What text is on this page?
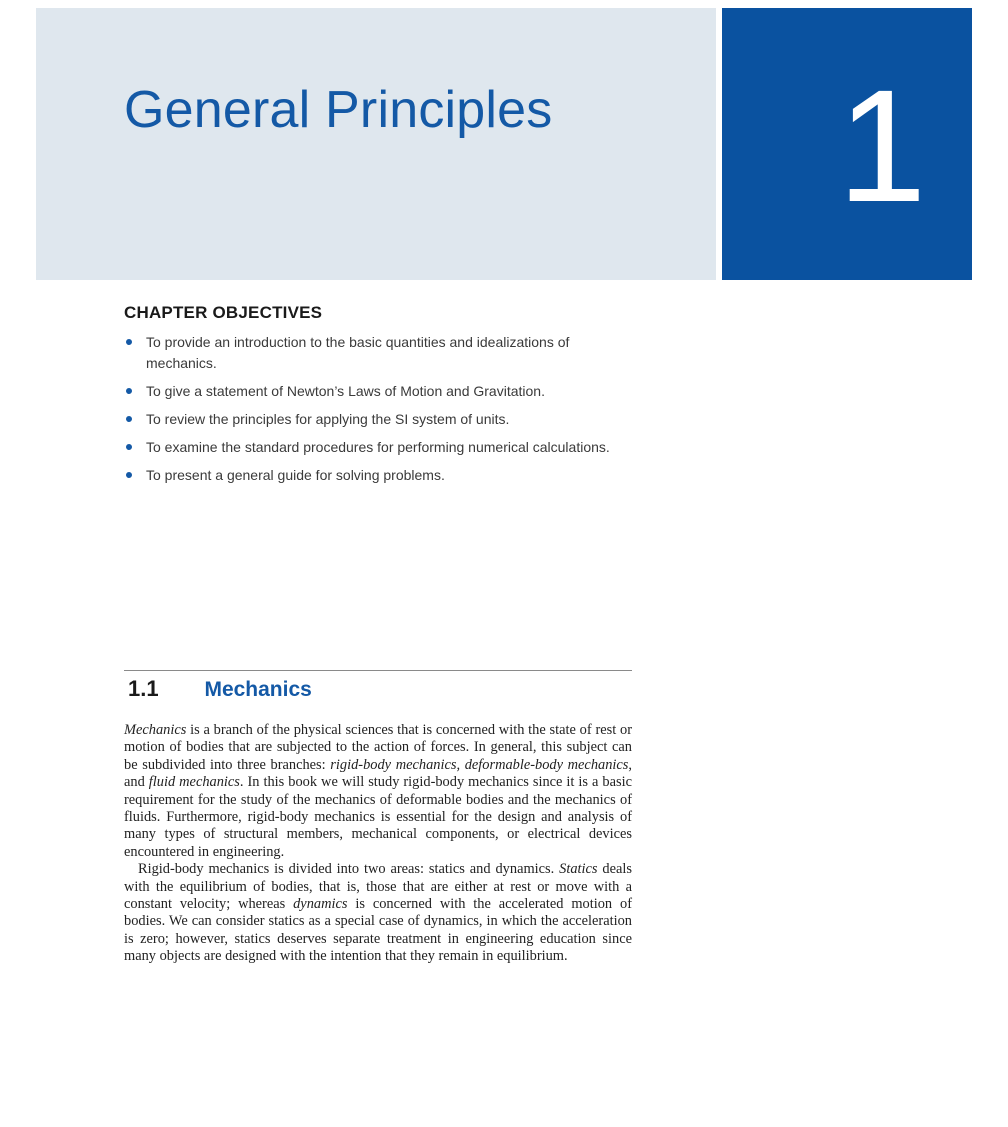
General Principles	1
CHAPTER OBJECTIVES
To provide an introduction to the basic quantities and idealizations of mechanics.
To give a statement of Newton’s Laws of Motion and Gravitation.
To review the principles for applying the SI system of units.
To examine the standard procedures for performing numerical calculations.
To present a general guide for solving problems.
1.1 Mechanics

Mechanics is a branch of the physical sciences that is concerned with the state of rest or motion of bodies that are subjected to the action of forces. In general, this subject can be subdivided into three branches: rigid-body mechanics, deformable-body mechanics, and fluid mechanics. In this book we will study rigid-body mechanics since it is a basic requirement for the study of the mechanics of deformable bodies and the mechanics of fluids. Furthermore, rigid-body mechanics is essential for the design and analysis of many types of structural members, mechanical components, or electrical devices encountered in engineering.

Rigid-body mechanics is divided into two areas: statics and dynamics. Statics deals with the equilibrium of bodies, that is, those that are either at rest or move with a constant velocity; whereas dynamics is concerned with the accelerated motion of bodies. We can consider statics as a special case of dynamics, in which the acceleration is zero; however, statics deserves separate treatment in engineering education since many objects are designed with the intention that they remain in equilibrium.
